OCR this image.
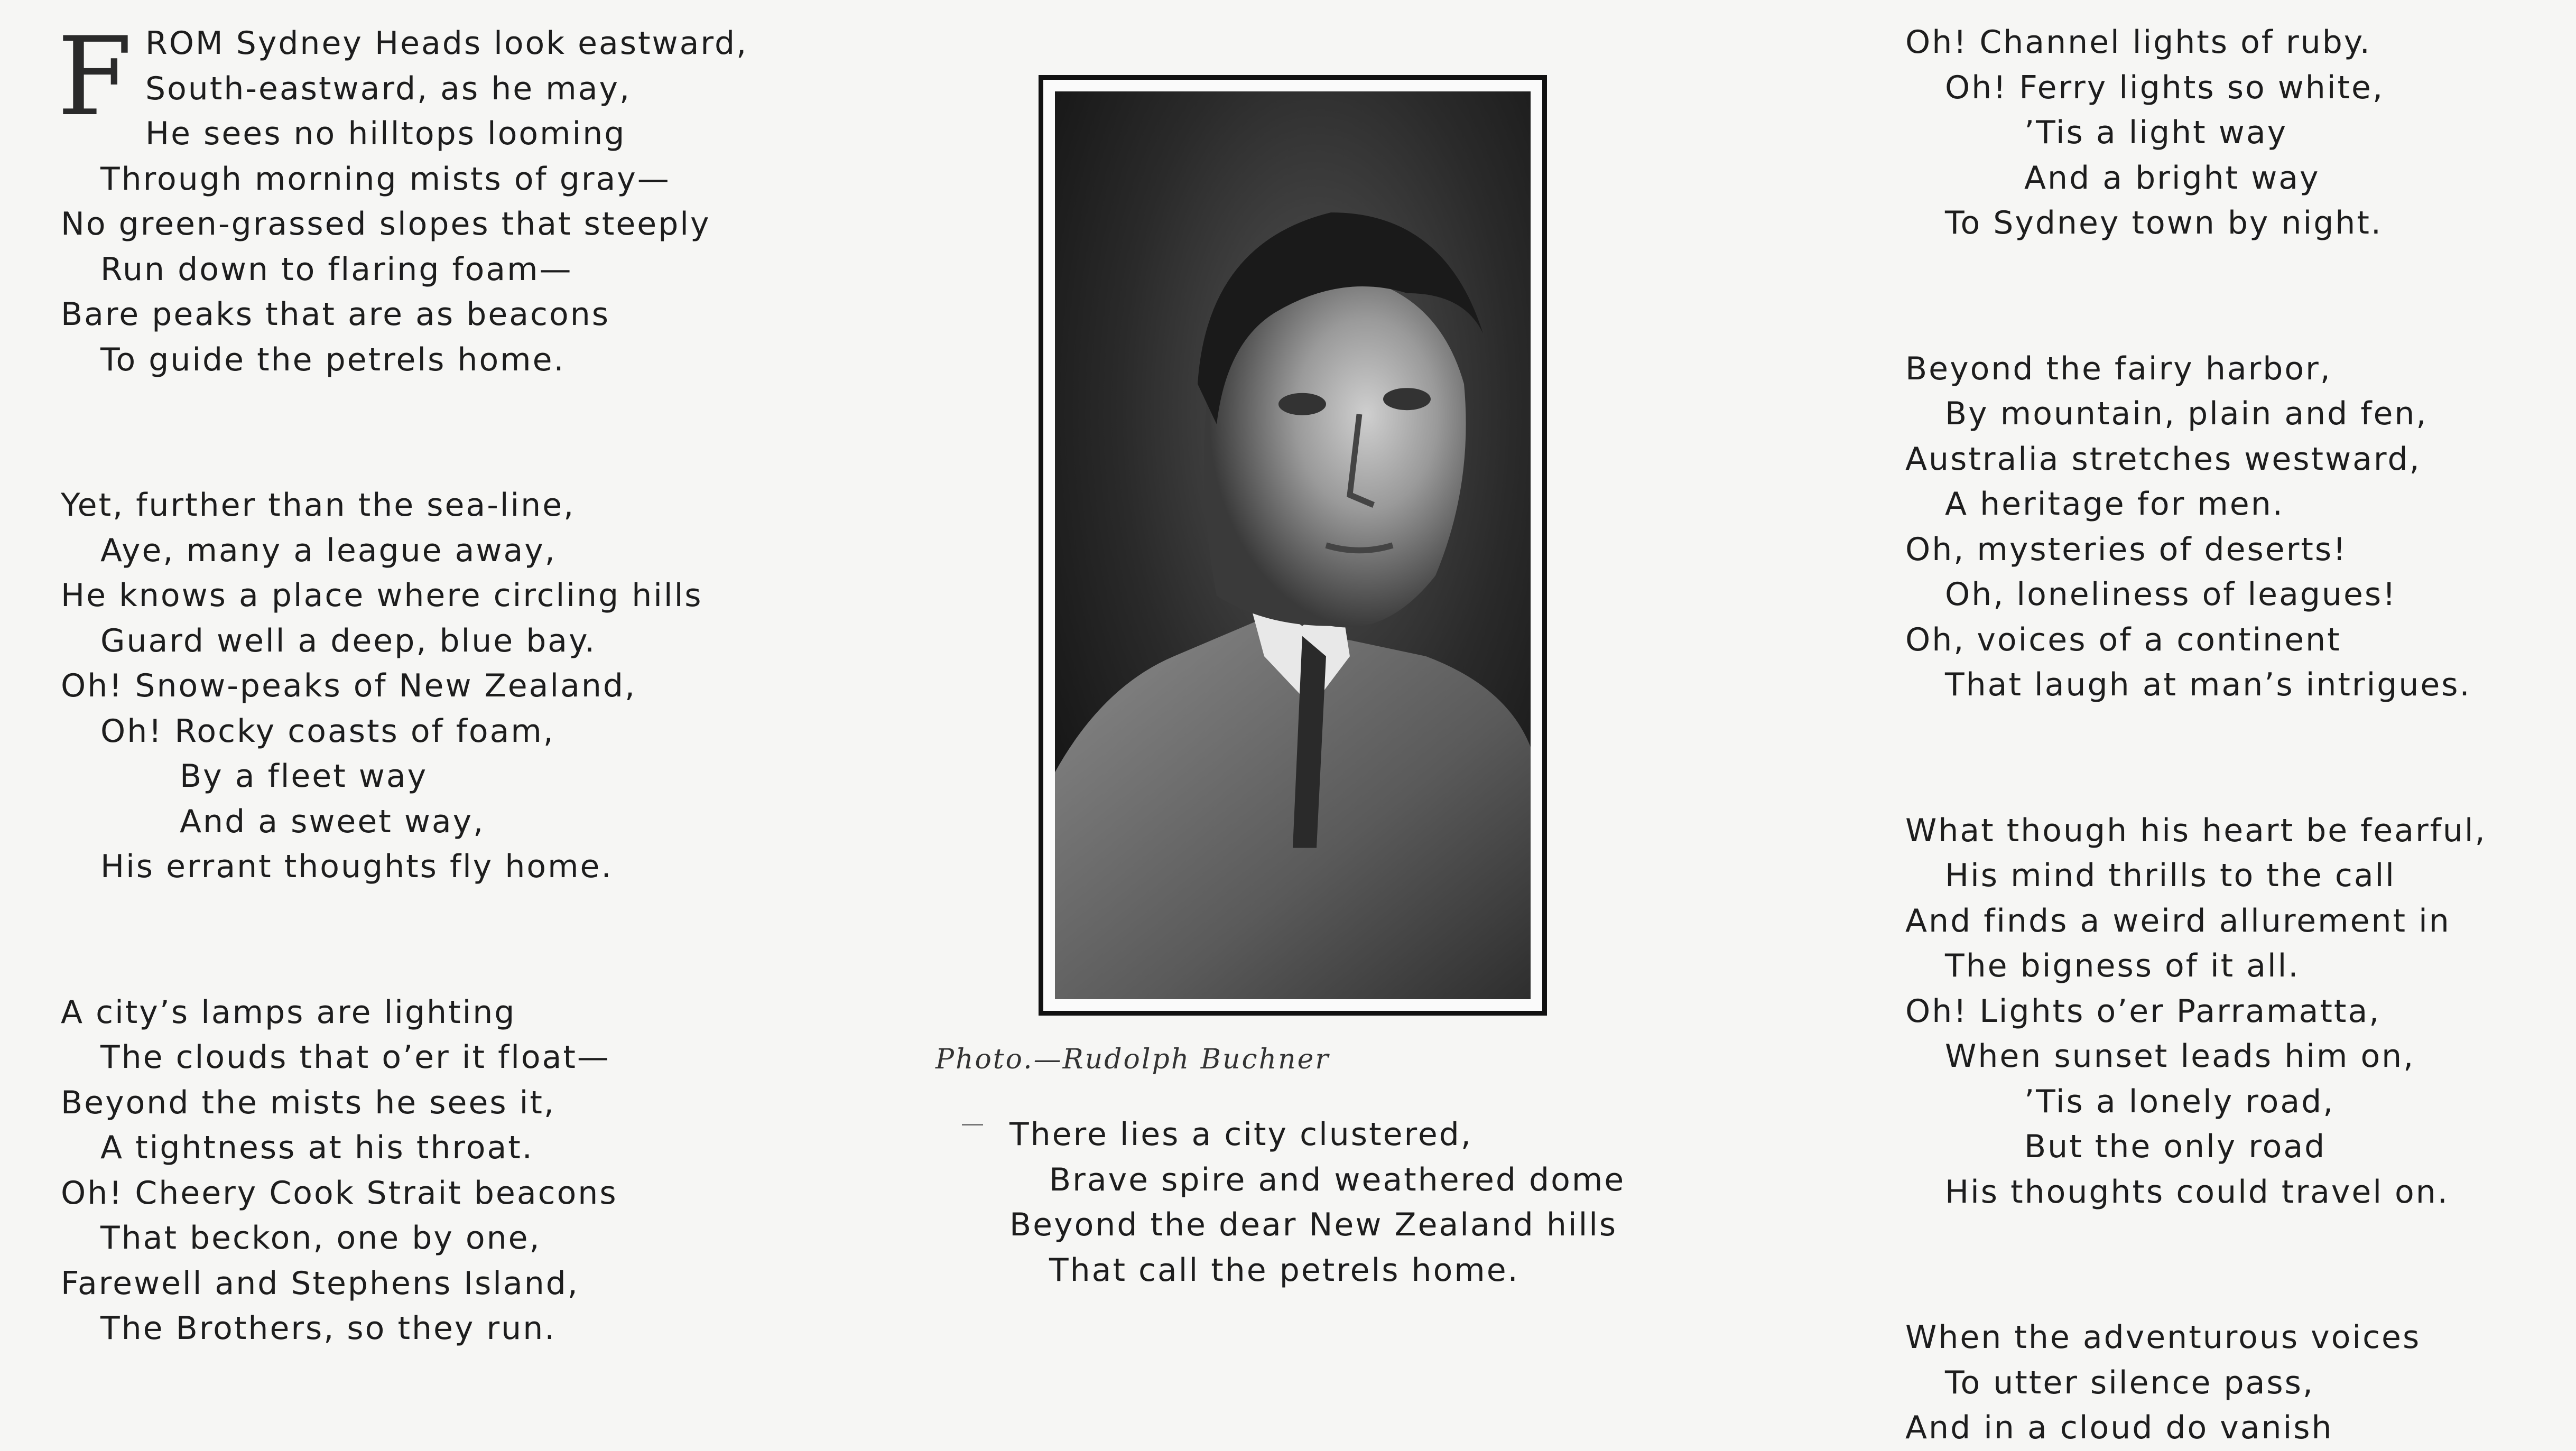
F ROM Sydney Heads look eastward,
South-eastward, as he may,
He sees no hilltops looming
Through morning mists of gray—
No green-grassed slopes that steeply
Run down to flaring foam—
Bare peaks that are as beacons
To guide the petrels home.
Yet, further than the sea-line,
Aye, many a league away,
He knows a place where circling hills
Guard well a deep, blue bay.
Oh! Snow-peaks of New Zealand,
Oh! Rocky coasts of foam,
By a fleet way
And a sweet way,
His errant thoughts fly home.
A city’s lamps are lighting
The clouds that o’er it float—
Beyond the mists he sees it,
A tightness at his throat.
Oh! Cheery Cook Strait beacons
That beckon, one by one,
Farewell and Stephens Island,
The Brothers, so they run.
Photo.—Rudolph Buchner
There lies a city clustered,
Brave spire and weathered dome
Beyond the dear New Zealand hills
That call the petrels home.
Oh! Channel lights of ruby.
Oh! Ferry lights so white,
’Tis a light way
And a bright way
To Sydney town by night.
Beyond the fairy harbor,
By mountain, plain and fen,
Australia stretches westward,
A heritage for men.
Oh, mysteries of deserts!
Oh, loneliness of leagues!
Oh, voices of a continent
That laugh at man’s intrigues.
What though his heart be fearful,
His mind thrills to the call
And finds a weird allurement in
The bigness of it all.
Oh! Lights o’er Parramatta,
When sunset leads him on,
’Tis a lonely road,
But the only road
His thoughts could travel on.
When the adventurous voices
To utter silence pass,
And in a cloud do vanish
